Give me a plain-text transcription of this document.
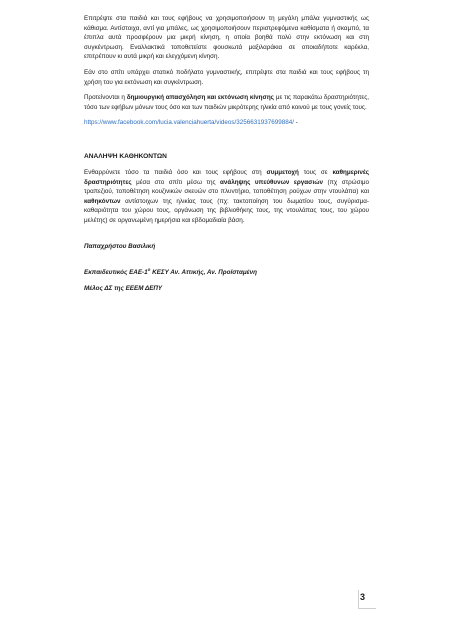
Επιτρέψτε στα παιδιά και τους εφήβους να χρησιμοποιήσουν τη μεγάλη μπάλα γυμναστικής ως κάθισμα. Αντίστοιχα, αντί για μπάλες, ως χρησιμοποιήσουν περιστρεφόμενα καθίσματα ή σκαμπό, τα έπιπλα αυτά προσφέρουν μια μικρή κίνηση, η οποία βοηθά πολύ στην εκτόνωση και στη συγκέντρωση. Εναλλακτικά τοποθετείστε φουσκωτά μαξιλαράκια σε οποιαδήποτε καρέκλα, επιτρέπουν κι αυτά μικρή και ελεγχόμενη κίνηση.

Εάν στο σπίτι υπάρχει στατικό ποδήλατο γυμναστικής, επιτρέψτε στα παιδιά και τους εφήβους τη χρήση του για εκτόνωση και συγκέντρωση.

Προτείνονται η δημιουργική απασχόληση και εκτόνωση κίνησης με τις παρακάτω δραστηριότητες, τόσο των εφήβων μόνων τους όσο και των παιδιών μικρότερης ηλικία από κοινού με τους γονείς τους.

https://www.facebook.com/lucia.valenciahuerta/videos/3256631937699884/ -

ΑΝΑΛΗΨΗ ΚΑΘΗΚΟΝΤΩΝ

Ενθαρρύνετε τόσο τα παιδιά όσο και τους εφήβους στη συμμετοχή τους σε καθημερινές δραστηριότητες μέσα στο σπίτι μέσω της ανάληψης υπεύθυνων εργασιών (πχ στρώσιμο τραπεζιού, τοποθέτηση κουζινικών σκευών στο πλυντήριο, τοποθέτηση ρούχων στην ντουλάπα) και καθηκόντων αντίστοιχων της ηλικίας τους (πχ: τακτοποίηση του δωματίου τους, συγύρισμα-καθαριότητα του χώρου τους, οργάνωση της βιβλιοθήκης τους, της ντουλάπας τους, του χώρου μελέτης) σε οργανωμένη ημερήσια και εβδομαδιαία βάση.

Παπαχρήστου Βασιλική

Εκπαιδευτικός ΕΑΕ-$1^o$ ΚΕΣΥ Αν. Αττικής, Αν. Προϊσταμένη

Μέλος ΔΣ της ΕΕΕΜ ΔΕΠΥ

3
